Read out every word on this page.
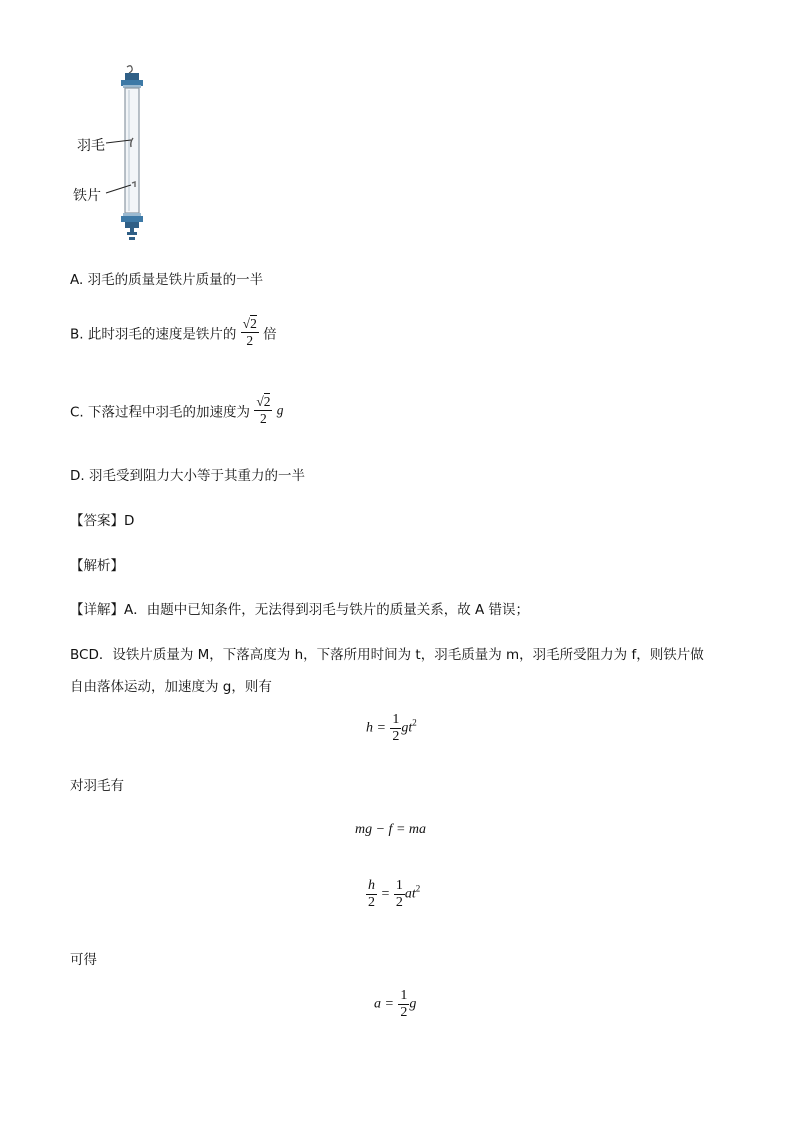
羽毛
铁片
A. 羽毛的质量是铁片质量的一半
B. 此时羽毛的速度是铁片的 $\frac{√2}{2}$ 倍
C. 下落过程中羽毛的加速度为 $\frac{√2}{2}$ g
D. 羽毛受到阻力大小等于其重力的一半
【答案】D
【解析】
【详解】A．由题中已知条件，无法得到羽毛与铁片的质量关系，故 A 错误；
BCD．设铁片质量为 M，下落高度为 h，下落所用时间为 t，羽毛质量为 m，羽毛所受阻力为 f，则铁片做
自由落体运动，加速度为 g，则有
$h = \frac{1}{2} gt^2$
对羽毛有
mg − f = ma
$\frac{h}{2} = \frac{1}{2} at^2$
可得
$a = \frac{1}{2}$ g
